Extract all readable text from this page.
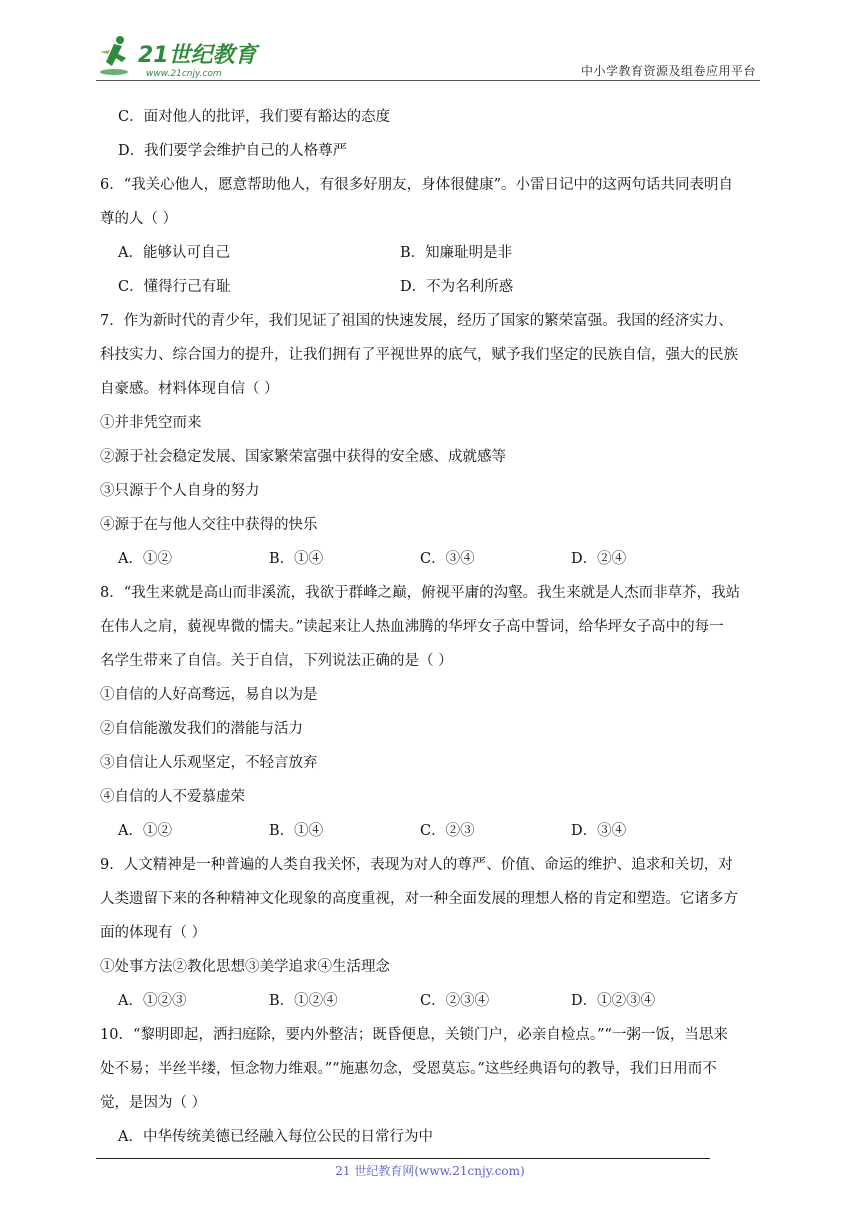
21世纪教育
www.21cnjy.com	中小学教育资源及组卷应用平台
C．面对他人的批评，我们要有豁达的态度
D．我们要学会维护自己的人格尊严
6．“我关心他人，愿意帮助他人，有很多好朋友，身体很健康”。小雷日记中的这两句话共同表明自
尊的人（ ）
A．能够认可自己	B．知廉耻明是非
C．懂得行己有耻	D．不为名利所惑
7．作为新时代的青少年，我们见证了祖国的快速发展，经历了国家的繁荣富强。我国的经济实力、
科技实力、综合国力的提升，让我们拥有了平视世界的底气，赋予我们坚定的民族自信，强大的民族
自豪感。材料体现自信（ ）
①并非凭空而来
②源于社会稳定发展、国家繁荣富强中获得的安全感、成就感等
③只源于个人自身的努力
④源于在与他人交往中获得的快乐
A．①②	B．①④	C．③④	D．②④
8．“我生来就是高山而非溪流，我欲于群峰之巅，俯视平庸的沟壑。我生来就是人杰而非草芥，我站
在伟人之肩，藐视卑微的懦夫。”读起来让人热血沸腾的华坪女子高中誓词，给华坪女子高中的每一
名学生带来了自信。关于自信，下列说法正确的是（ ）
①自信的人好高骛远，易自以为是
②自信能激发我们的潜能与活力
③自信让人乐观坚定，不轻言放弃
④自信的人不爱慕虚荣
A．①②	B．①④	C．②③	D．③④
9．人文精神是一种普遍的人类自我关怀，表现为对人的尊严、价值、命运的维护、追求和关切，对
人类遗留下来的各种精神文化现象的高度重视，对一种全面发展的理想人格的肯定和塑造。它诸多方
面的体现有（ ）
①处事方法②教化思想③美学追求④生活理念
A．①②③	B．①②④	C．②③④	D．①②③④
10．“黎明即起，洒扫庭除，要内外整洁；既昏便息，关锁门户，必亲自检点。”“一粥一饭，当思来
处不易；半丝半缕，恒念物力维艰。”“施惠勿念，受恩莫忘。”这些经典语句的教导，我们日用而不
觉，是因为（ ）
A．中华传统美德已经融入每位公民的日常行为中
21 世纪教育网(www.21cnjy.com)
